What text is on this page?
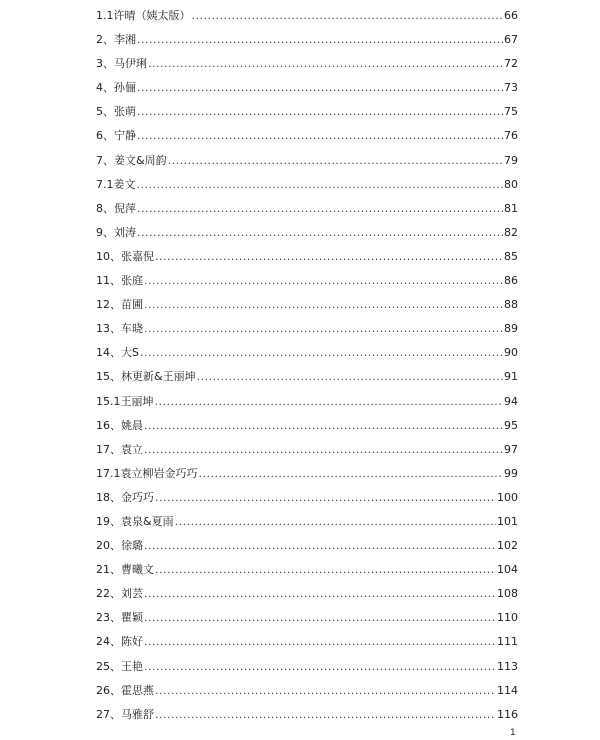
1.1许晴（姨太版） .....	66
2、李湘 .....	67
3、马伊琍 .....	72
4、孙俪 .....	73
5、张萌 .....	75
6、宁静 .....	76
7、姜文&周韵 .....	79
7.1姜文 .....	80
8、倪萍 .....	81
9、刘涛 .....	82
10、张嘉倪 .....	85
11、张庭 .....	86
12、苗圃 .....	88
13、车晓 .....	89
14、大S .....	90
15、林更新&王丽坤 .....	91
15.1王丽坤 .....	94
16、姚晨 .....	95
17、袁立 .....	97
17.1袁立柳岩金巧巧 .....	99
18、金巧巧 .....	100
19、袁泉&夏雨 .....	101
20、徐璐 .....	102
21、曹曦文 .....	104
22、刘芸 .....	108
23、瞿颖 .....	110
24、陈好 .....	111
25、王艳 .....	113
26、霍思燕 .....	114
27、马雅舒 .....	116
1
